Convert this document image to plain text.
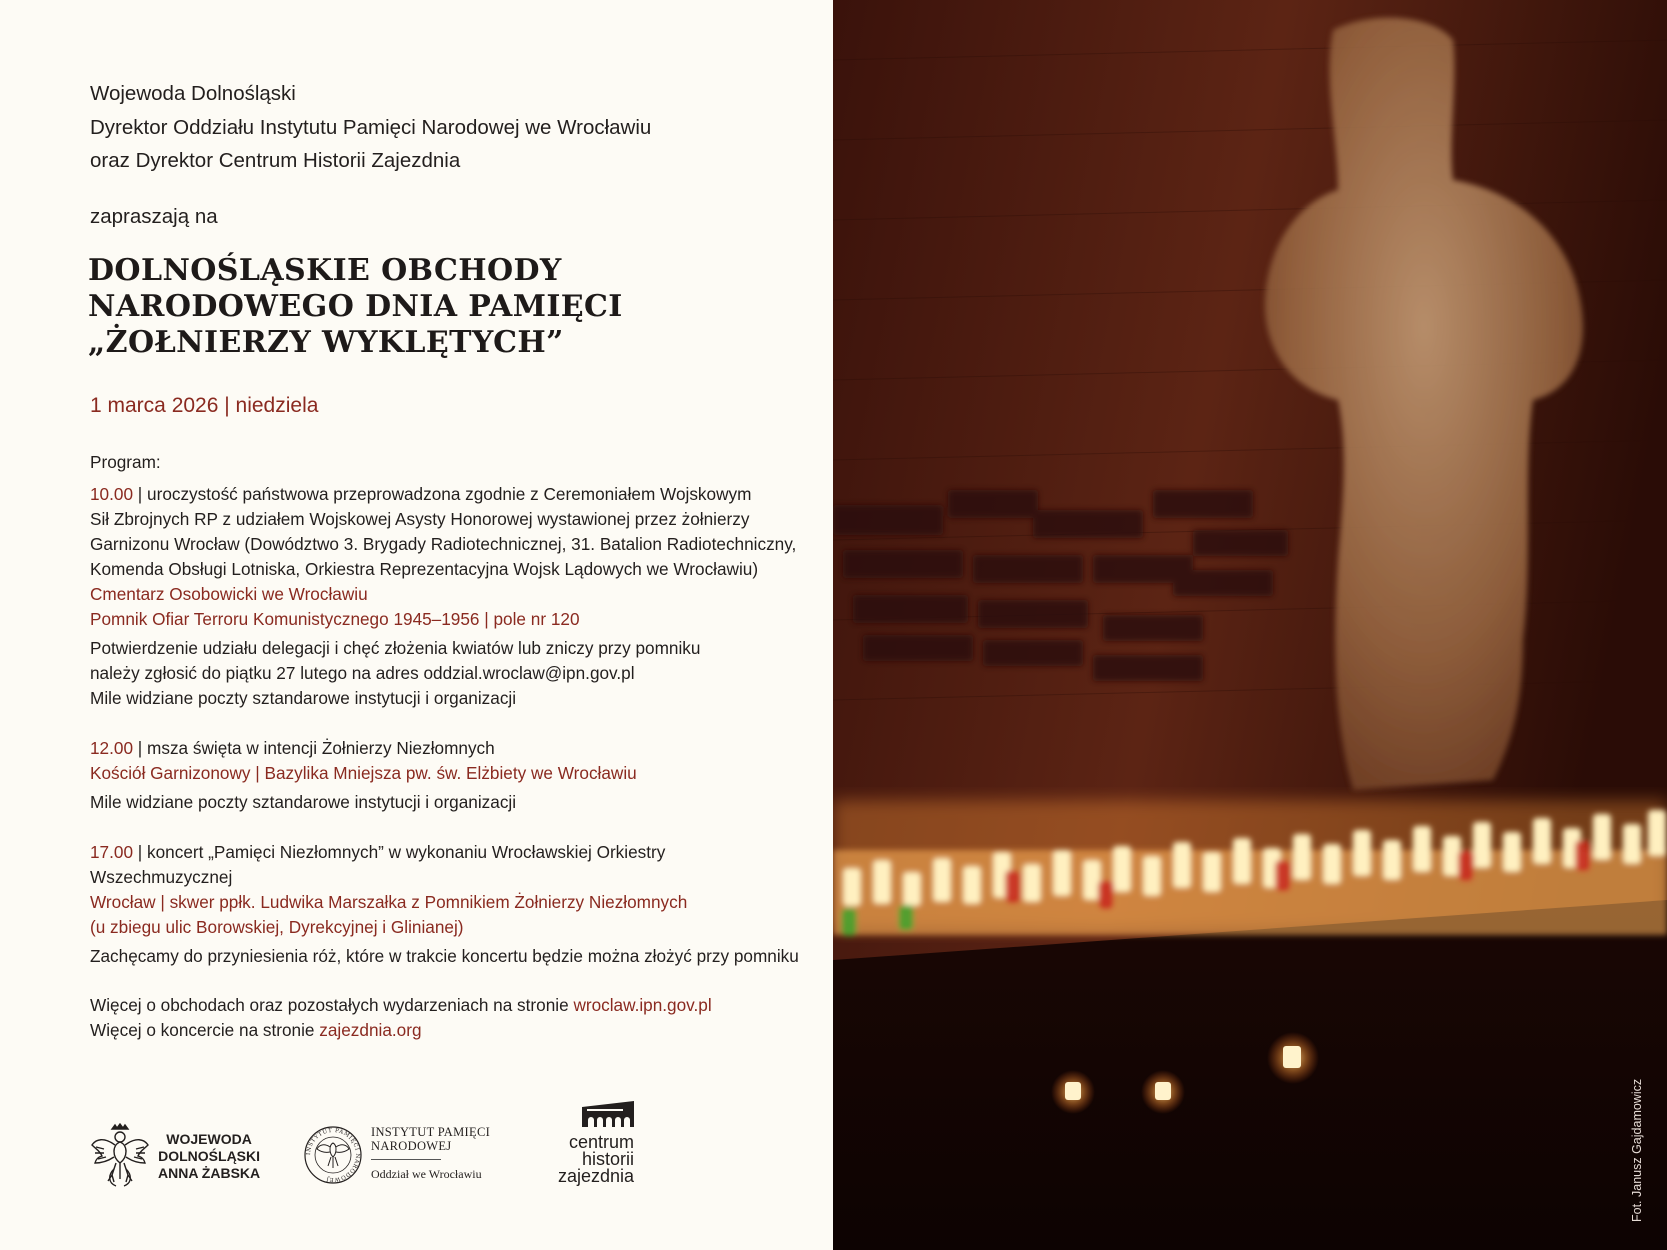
Wojewoda Dolnośląski
Dyrektor Oddziału Instytutu Pamięci Narodowej we Wrocławiu
oraz Dyrektor Centrum Historii Zajezdnia
zapraszają na
DOLNOŚLĄSKIE OBCHODY
NARODOWEGO DNIA PAMIĘCI
„ŻOŁNIERZY WYKLĘTYCH”
1 marca 2026 | niedziela
Program:
10.00 | uroczystość państwowa przeprowadzona zgodnie z Ceremoniałem Wojskowym
Sił Zbrojnych RP z udziałem Wojskowej Asysty Honorowej wystawionej przez żołnierzy
Garnizonu Wrocław (Dowództwo 3. Brygady Radiotechnicznej, 31. Batalion Radiotechniczny,
Komenda Obsługi Lotniska, Orkiestra Reprezentacyjna Wojsk Lądowych we Wrocławiu)
Cmentarz Osobowicki we Wrocławiu
Pomnik Ofiar Terroru Komunistycznego 1945–1956 | pole nr 120
Potwierdzenie udziału delegacji i chęć złożenia kwiatów lub zniczy przy pomniku
należy zgłosić do piątku 27 lutego na adres oddzial.wroclaw@ipn.gov.pl
Mile widziane poczty sztandarowe instytucji i organizacji
12.00 | msza święta w intencji Żołnierzy Niezłomnych
Kościół Garnizonowy | Bazylika Mniejsza pw. św. Elżbiety we Wrocławiu
Mile widziane poczty sztandarowe instytucji i organizacji
17.00 | koncert „Pamięci Niezłomnych” w wykonaniu Wrocławskiej Orkiestry
Wszechmuzycznej
Wrocław | skwer ppłk. Ludwika Marszałka z Pomnikiem Żołnierzy Niezłomnych
(u zbiegu ulic Borowskiej, Dyrekcyjnej i Glinianej)
Zachęcamy do przyniesienia róż, które w trakcie koncertu będzie można złożyć przy pomniku
Więcej o obchodach oraz pozostałych wydarzeniach na stronie wroclaw.ipn.gov.pl
Więcej o koncercie na stronie zajezdnia.org
WOJEWODA
DOLNOŚLĄSKI
ANNA ŻABSKA
INSTYTUT PAMIĘCI NARODOWEJ
INSTYTUT PAMIĘCI
NARODOWEJ
Oddział we Wrocławiu
centrum
historii
zajezdnia	Fot. Janusz Gajdamowicz
